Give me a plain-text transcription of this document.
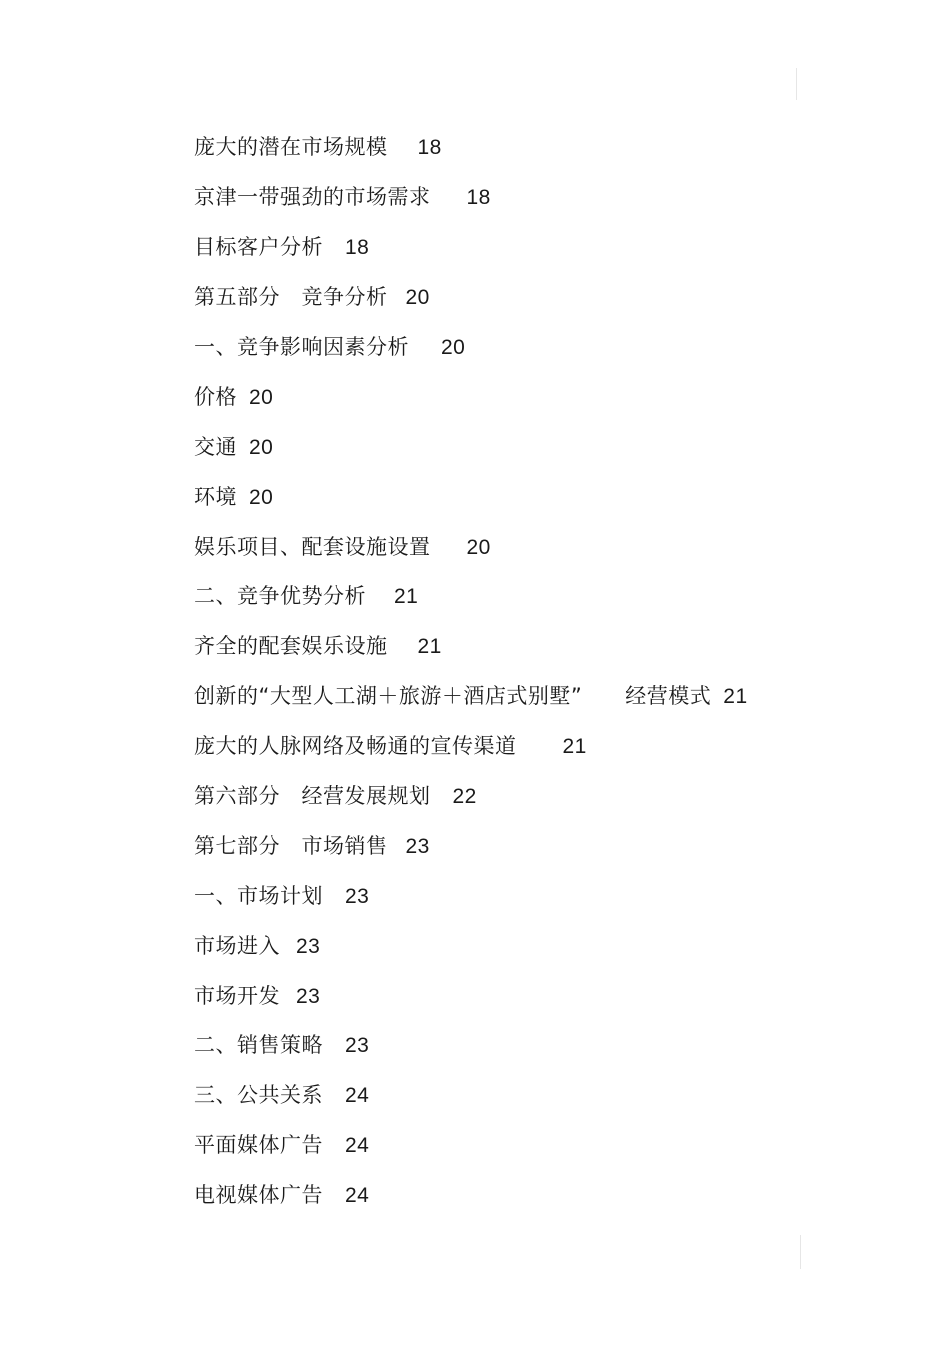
庞大的潜在市场规模 18
京津一带强劲的市场需求 18
目标客户分析 18
第五部分　竞争分析 20
一、竞争影响因素分析 20
价格 20
交通 20
环境 20
娱乐项目、配套设施设置 20
二、竞争优势分析 21
齐全的配套娱乐设施 21
创新的“大型人工湖＋旅游＋酒店式别墅”　　经营模式 21
庞大的人脉网络及畅通的宣传渠道 21
第六部分　经营发展规划 22
第七部分　市场销售 23
一、市场计划 23
市场进入 23
市场开发 23
二、销售策略 23
三、公共关系 24
平面媒体广告 24
电视媒体广告 24
